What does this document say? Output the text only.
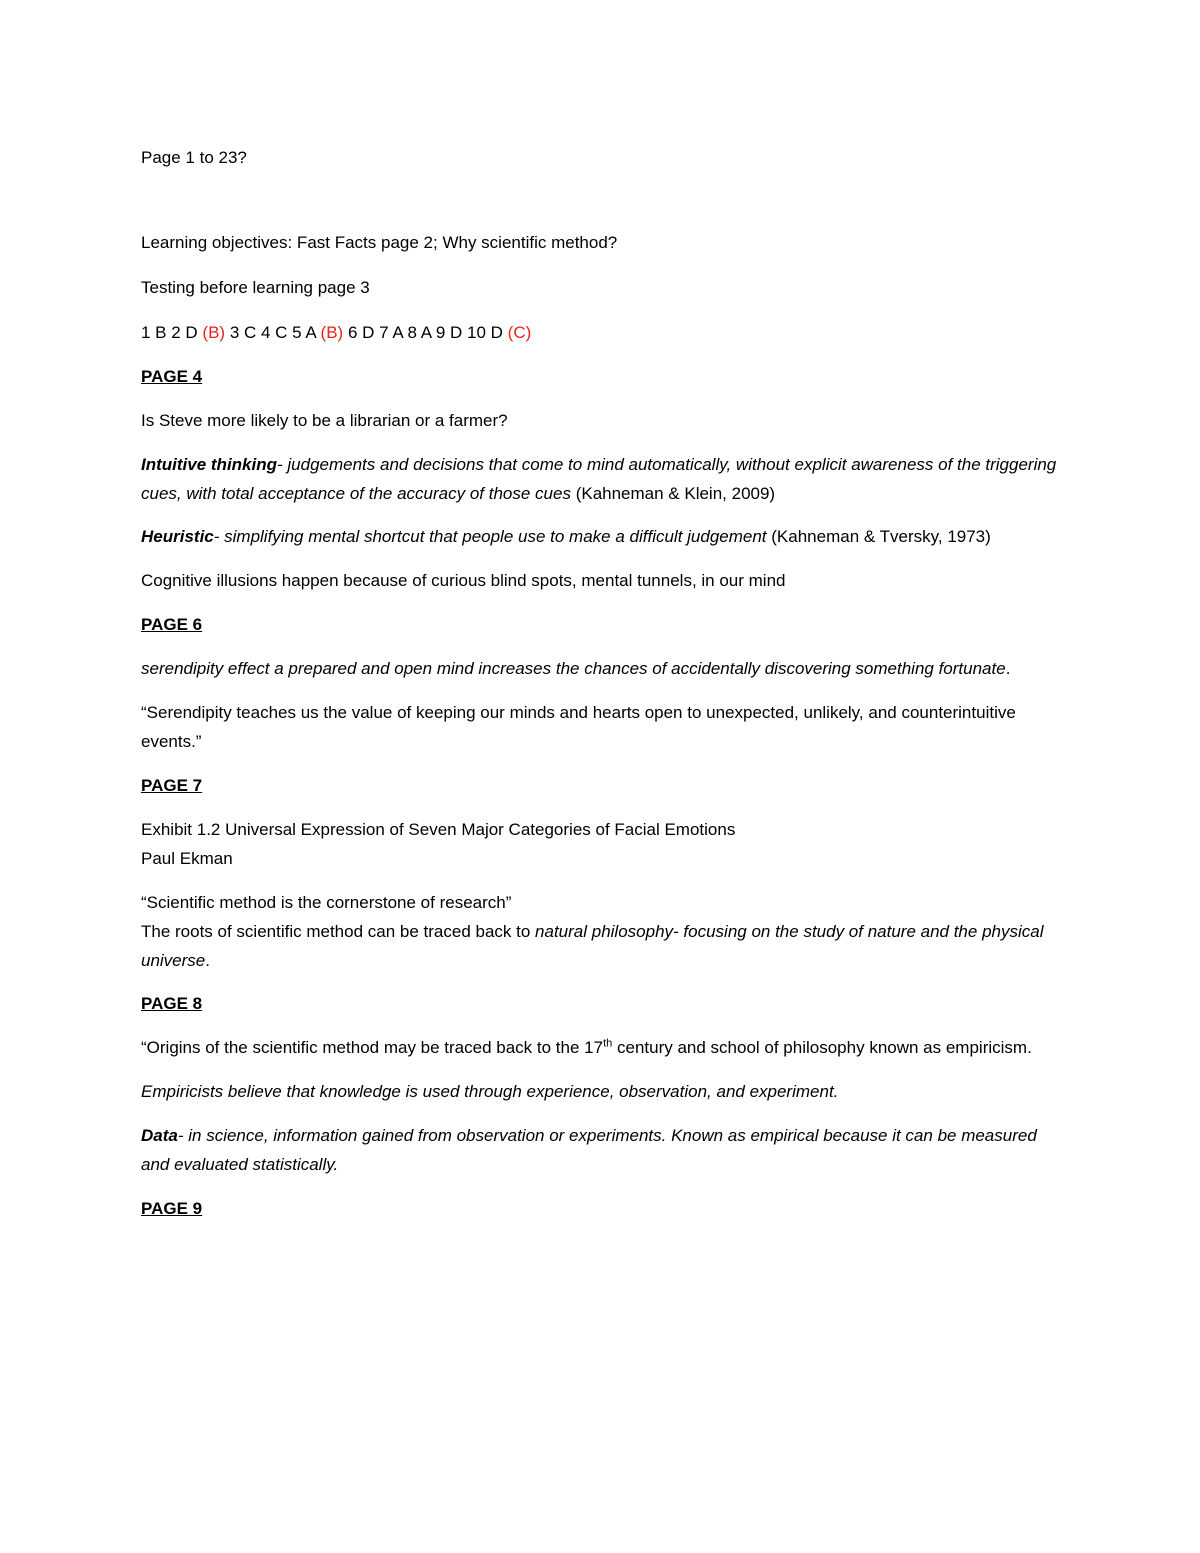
Page 1 to 23?

Learning objectives: Fast Facts page 2; Why scientific method?

Testing before learning page 3

1 B 2 D (B) 3 C 4 C 5 A (B) 6 D 7 A 8 A 9 D 10 D (C)

PAGE 4

Is Steve more likely to be a librarian or a farmer?

Intuitive thinking- judgements and decisions that come to mind automatically, without explicit awareness of the triggering cues, with total acceptance of the accuracy of those cues (Kahneman & Klein, 2009)

Heuristic- simplifying mental shortcut that people use to make a difficult judgement (Kahneman & Tversky, 1973)

Cognitive illusions happen because of curious blind spots, mental tunnels, in our mind

PAGE 6

serendipity effect a prepared and open mind increases the chances of accidentally discovering something fortunate.

“Serendipity teaches us the value of keeping our minds and hearts open to unexpected, unlikely, and counterintuitive events.”

PAGE 7

Exhibit 1.2 Universal Expression of Seven Major Categories of Facial Emotions

Paul Ekman

“Scientific method is the cornerstone of research”

The roots of scientific method can be traced back to natural philosophy- focusing on the study of nature and the physical universe.

PAGE 8

“Origins of the scientific method may be traced back to the 17th century and school of philosophy known as empiricism.

Empiricists believe that knowledge is used through experience, observation, and experiment.

Data- in science, information gained from observation or experiments. Known as empirical because it can be measured and evaluated statistically.

PAGE 9
